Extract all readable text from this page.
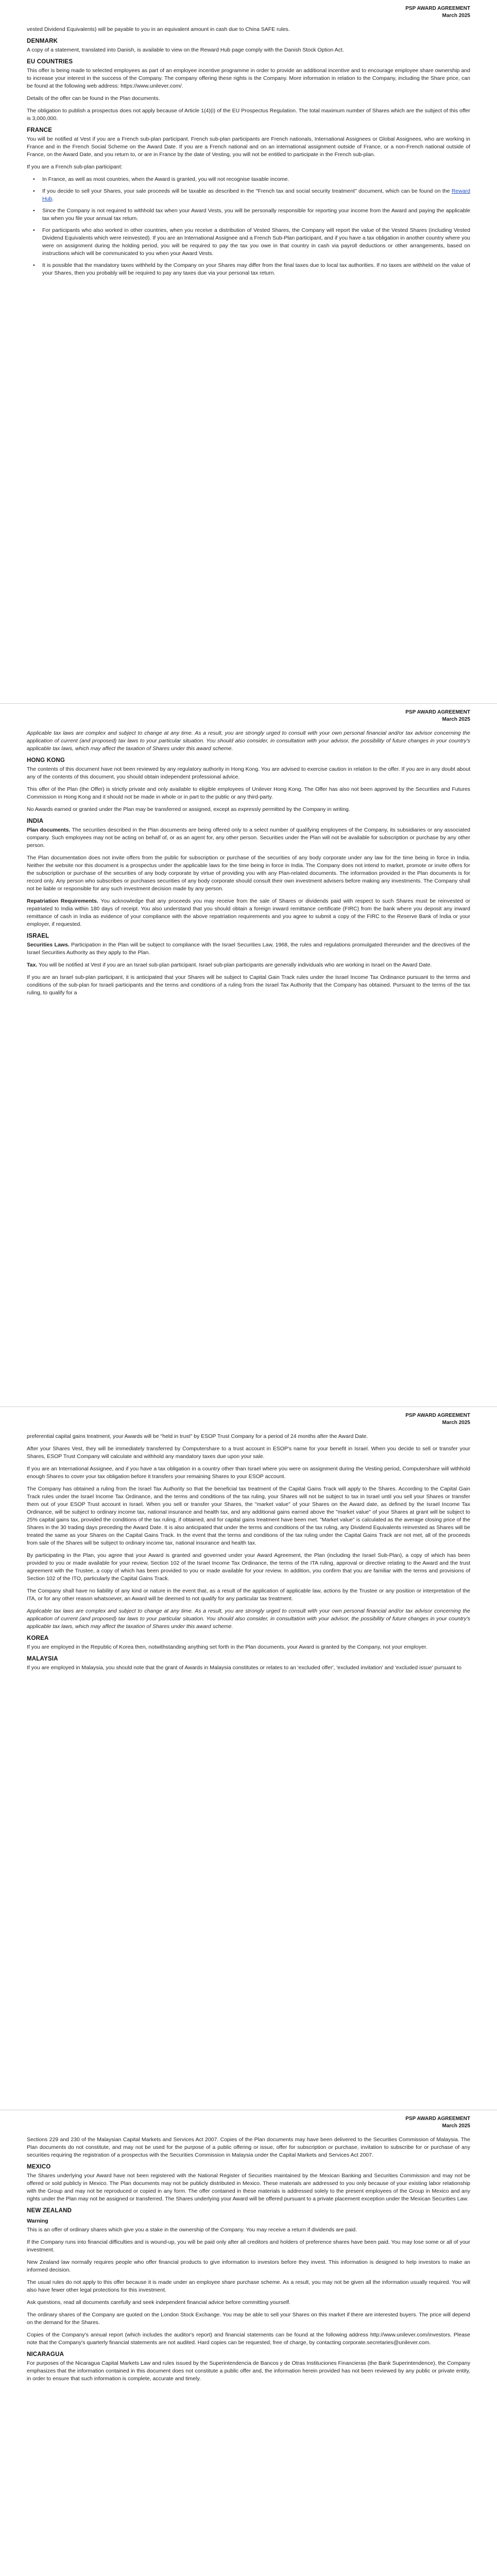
PSP AWARD AGREEMENT
March 2025

vested Dividend Equivalents) will be payable to you in an equivalent amount in cash due to China SAFE rules.

DENMARK

A copy of a statement, translated into Danish, is available to view on the Reward Hub page comply with the Danish Stock Option Act.

EU COUNTRIES

This offer is being made to selected employees as part of an employee incentive programme in order to provide an additional incentive and to encourage employee share ownership and to increase your interest in the success of the Company. The company offering these rights is the Company. More information in relation to the Company, including the Share price, can be found at the following web address: https://www.unilever.com/.

Details of the offer can be found in the Plan documents.

The obligation to publish a prospectus does not apply because of Article 1(4)(i) of the EU Prospectus Regulation. The total maximum number of Shares which are the subject of this offer is 3,000,000.

FRANCE

You will be notified at Vest if you are a French sub-plan participant. French sub-plan participants are French nationals, International Assignees or Global Assignees, who are working in France and in the French Social Scheme on the Award Date. If you are a French national and on an international assignment outside of France, or a non-French national outside of France, on the Award Date, and you return to, or are in France by the date of Vesting, you will not be entitled to participate in the French sub-plan.

If you are a French sub-plan participant:

• In France, as well as most countries, when the Award is granted, you will not recognise taxable income.
• If you decide to sell your Shares, your sale proceeds will be taxable as described in the "French tax and social security treatment" document, which can be found on the Reward Hub.
• Since the Company is not required to withhold tax when your Award Vests, you will be personally responsible for reporting your income from the Award and paying the applicable tax when you file your annual tax return.
• For participants who also worked in other countries, when you receive a distribution of Vested Shares, the Company will report the value of the Vested Shares (including Vested Dividend Equivalents which were reinvested). If you are an International Assignee and a French Sub-Plan participant, and if you have a tax obligation in another country where you were on assignment during the holding period, you will be required to pay the tax you owe in that country in cash via payroll deductions or other arrangements, based on instructions which will be communicated to you when your Award Vests.
• It is possible that the mandatory taxes withheld by the Company on your Shares may differ from the final taxes due to local tax authorities. If no taxes are withheld on the value of your Shares, then you probably will be required to pay any taxes due via your personal tax return.
PSP AWARD AGREEMENT
March 2025

Applicable tax laws are complex and subject to change at any time. As a result, you are strongly urged to consult with your own personal financial and/or tax advisor concerning the application of current (and proposed) tax laws to your particular situation. You should also consider, in consultation with your advisor, the possibility of future changes in your country's applicable tax laws, which may affect the taxation of Shares under this award scheme.

HONG KONG

The contents of this document have not been reviewed by any regulatory authority in Hong Kong. You are advised to exercise caution in relation to the offer. If you are in any doubt about any of the contents of this document, you should obtain independent professional advice.

This offer of the Plan (the Offer) is strictly private and only available to eligible employees of Unilever Hong Kong. The Offer has also not been approved by the Securities and Futures Commission in Hong Kong and it should not be made in whole or in part to the public or any third-party.

No Awards earned or granted under the Plan may be transferred or assigned, except as expressly permitted by the Company in writing.

INDIA

Plan documents. The securities described in the Plan documents are being offered only to a select number of qualifying employees of the Company, its subsidiaries or any associated company. Such employees may not be acting on behalf of, or as an agent for, any other person. Securities under the Plan will not be available for subscription or purchase by any other person.

The Plan documentation does not invite offers from the public for subscription or purchase of the securities of any body corporate under any law for the time being in force in India. Neither the website nor this document is a prospectus under the applicable laws for the time being in force in India. The Company does not intend to market, promote or invite offers for the subscription or purchase of the securities of any body corporate by virtue of providing you with any Plan-related documents. The information provided in the Plan documents is for record only. Any person who subscribes or purchases securities of any body corporate should consult their own investment advisers before making any investments. The Company shall not be liable or responsible for any such investment decision made by any person.

Repatriation Requirements. You acknowledge that any proceeds you may receive from the sale of Shares or dividends paid with respect to such Shares must be reinvested or repatriated to India within 180 days of receipt. You also understand that you should obtain a foreign inward remittance certificate (FIRC) from the bank where you deposit any inward remittance of cash in India as evidence of your compliance with the above repatriation requirements and you agree to submit a copy of the FIRC to the Reserve Bank of India or your employer, if requested.

ISRAEL

Securities Laws. Participation in the Plan will be subject to compliance with the Israel Securities Law, 1968, the rules and regulations promulgated thereunder and the directives of the Israel Securities Authority as they apply to the Plan.

Tax. You will be notified at Vest if you are an Israel sub-plan participant. Israel sub-plan participants are generally individuals who are working in Israel on the Award Date.

If you are an Israel sub-plan participant, it is anticipated that your Shares will be subject to Capital Gain Track rules under the Israel Income Tax Ordinance pursuant to the terms and conditions of the sub-plan for Israeli participants and the terms and conditions of a ruling from the Israel Tax Authority that the Company has obtained. Pursuant to the terms of the tax ruling, to qualify for a

PSP AWARD AGREEMENT
March 2025

preferential capital gains treatment, your Awards will be "held in trust" by ESOP Trust Company for a period of 24 months after the Award Date.

After your Shares Vest, they will be immediately transferred by Computershare to a trust account in ESOP's name for your benefit in Israel. When you decide to sell or transfer your Shares, ESOP Trust Company will calculate and withhold any mandatory taxes due upon your sale.

If you are an International Assignee, and if you have a tax obligation in a country other than Israel where you were on assignment during the Vesting period, Computershare will withhold enough Shares to cover your tax obligation before it transfers your remaining Shares to your ESOP account.

The Company has obtained a ruling from the Israel Tax Authority so that the beneficial tax treatment of the Capital Gains Track will apply to the Shares. According to the Capital Gain Track rules under the Israel Income Tax Ordinance, and the terms and conditions of the tax ruling, your Shares will not be subject to tax in Israel until you sell your Shares or transfer them out of your ESOP Trust account in Israel. When you sell or transfer your Shares, the "market value" of your Shares on the Award date, as defined by the Israel Income Tax Ordinance, will be subject to ordinary income tax, national insurance and health tax, and any additional gains earned above the "market value" of your Shares at grant will be subject to 25% capital gains tax, provided the conditions of the tax ruling, if obtained, and for capital gains treatment have been met. "Market value" is calculated as the average closing price of the Shares in the 30 trading days preceding the Award Date. It is also anticipated that under the terms and conditions of the tax ruling, any Dividend Equivalents reinvested as Shares will be treated the same as your Shares on the Capital Gains Track. In the event that the terms and conditions of the tax ruling under the Capital Gains Track are not met, all of the proceeds from sale of the Shares will be subject to ordinary income tax, national insurance and health tax.

By participating in the Plan, you agree that your Award is granted and governed under your Award Agreement, the Plan (including the Israel Sub-Plan), a copy of which has been provided to you or made available for your review, Section 102 of the Israel Income Tax Ordinance, the terms of the ITA ruling, approval or directive relating to the Award and the trust agreement with the Trustee, a copy of which has been provided to you or made available for your review. In addition, you confirm that you are familiar with the terms and provisions of Section 102 of the ITO, particularly the Capital Gains Track.

The Company shall have no liability of any kind or nature in the event that, as a result of the application of applicable law, actions by the Trustee or any position or interpretation of the ITA, or for any other reason whatsoever, an Award will be deemed to not qualify for any particular tax treatment.

Applicable tax laws are complex and subject to change at any time. As a result, you are strongly urged to consult with your own personal financial and/or tax advisor concerning the application of current (and proposed) tax laws to your particular situation. You should also consider, in consultation with your advisor, the possibility of future changes in your country's applicable tax laws, which may affect the taxation of Shares under this award scheme.

KOREA

If you are employed in the Republic of Korea then, notwithstanding anything set forth in the Plan documents, your Award is granted by the Company, not your employer.

MALAYSIA

If you are employed in Malaysia, you should note that the grant of Awards in Malaysia constitutes or relates to an 'excluded offer', 'excluded invitation' and 'excluded issue' pursuant to

PSP AWARD AGREEMENT
March 2025

Sections 229 and 230 of the Malaysian Capital Markets and Services Act 2007. Copies of the Plan documents may have been delivered to the Securities Commission of Malaysia. The Plan documents do not constitute, and may not be used for the purpose of a public offering or issue, offer for subscription or purchase, invitation to subscribe for or purchase of any securities requiring the registration of a prospectus with the Securities Commission in Malaysia under the Capital Markets and Services Act 2007.

MEXICO

The Shares underlying your Award have not been registered with the National Register of Securities maintained by the Mexican Banking and Securities Commission and may not be offered or sold publicly in Mexico. The Plan documents may not be publicly distributed in Mexico. These materials are addressed to you only because of your existing labor relationship with the Group and may not be reproduced or copied in any form. The offer contained in these materials is addressed solely to the present employees of the Group in Mexico and any rights under the Plan may not be assigned or transferred. The Shares underlying your Award will be offered pursuant to a private placement exception under the Mexican Securities Law.

NEW ZEALAND
Warning

This is an offer of ordinary shares which give you a stake in the ownership of the Company. You may receive a return if dividends are paid.

If the Company runs into financial difficulties and is wound-up, you will be paid only after all creditors and holders of preference shares have been paid. You may lose some or all of your investment.

New Zealand law normally requires people who offer financial products to give information to investors before they invest. This information is designed to help investors to make an informed decision.

The usual rules do not apply to this offer because it is made under an employee share purchase scheme. As a result, you may not be given all the information usually required. You will also have fewer other legal protections for this investment.

Ask questions, read all documents carefully and seek independent financial advice before committing yourself.

The ordinary shares of the Company are quoted on the London Stock Exchange. You may be able to sell your Shares on this market if there are interested buyers. The price will depend on the demand for the Shares.

Copies of the Company's annual report (which includes the auditor's report) and financial statements can be found at the following address http://www.unilever.com/investors. Please note that the Company's quarterly financial statements are not audited. Hard copies can be requested, free of charge, by contacting corporate.secretaries@unilever.com.

NICARAGUA

For purposes of the Nicaragua Capital Markets Law and rules issued by the Superintendencia de Bancos y de Otras Instituciones Financieras (the Bank Superintendence), the Company emphasizes that the information contained in this document does not constitute a public offer and, the information herein provided has not been reviewed by any public or private entity, in order to ensure that such information is complete, accurate and timely.
